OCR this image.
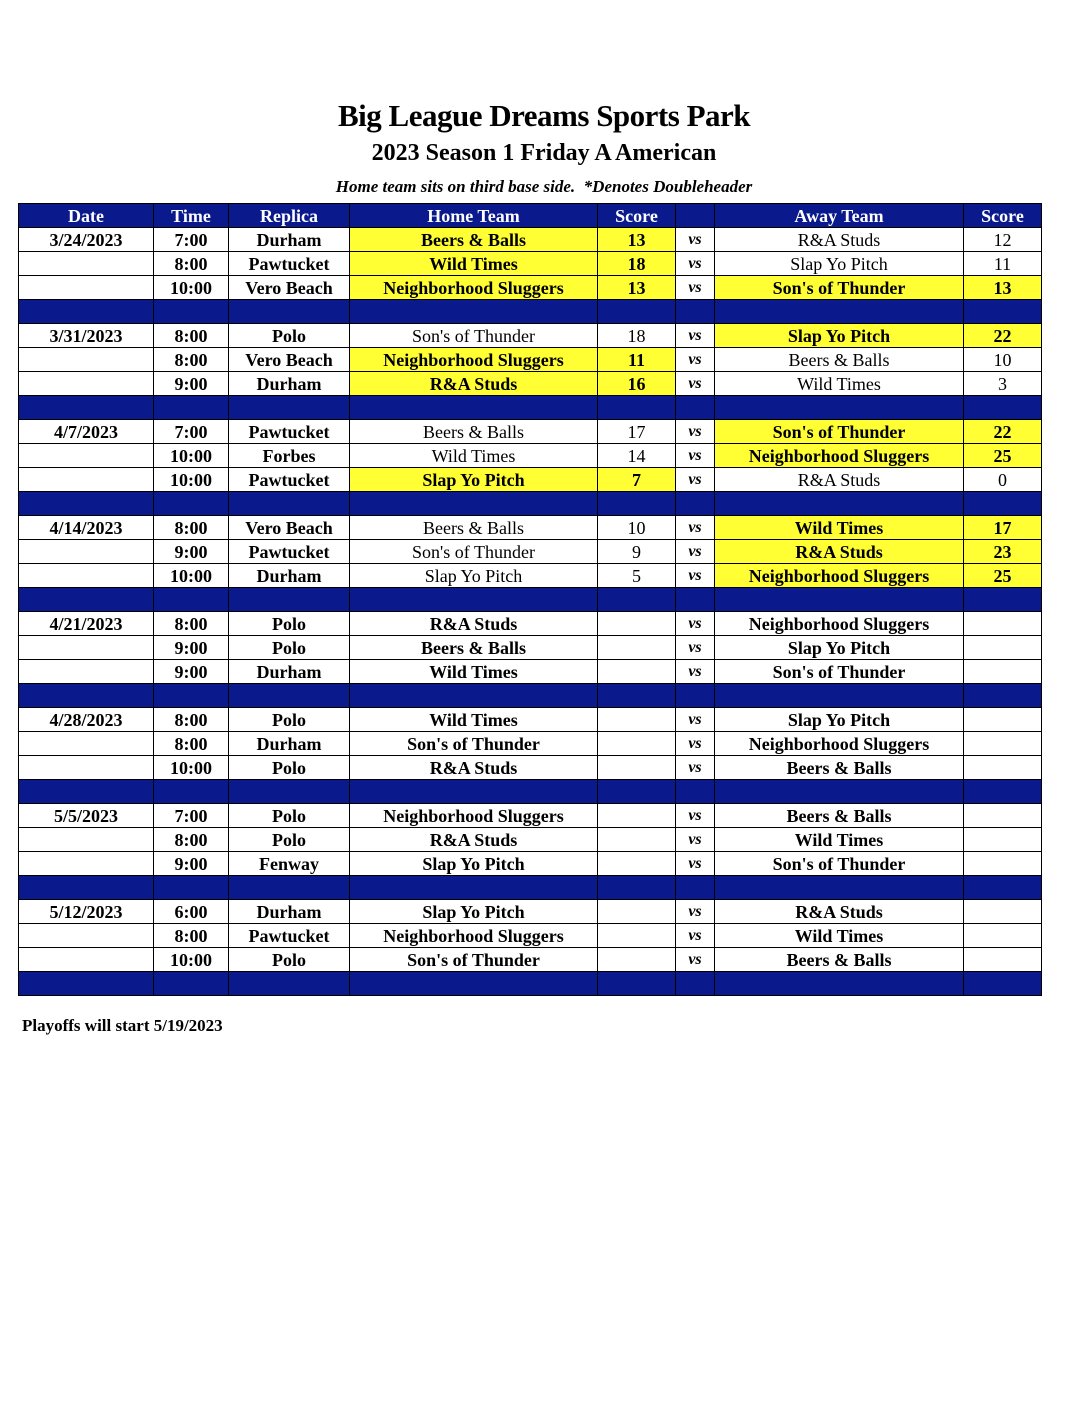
Big League Dreams Sports Park
2023 Season 1 Friday A American
Home team sits on third base side.  *Denotes Doubleheader
Date	Time	Replica	Home Team	Score		Away Team	Score
3/24/2023	7:00	Durham	Beers & Balls	13	vs	R&A Studs	12
	8:00	Pawtucket	Wild Times	18	vs	Slap Yo Pitch	11
	10:00	Vero Beach	Neighborhood Sluggers	13	vs	Son's of Thunder	13

3/31/2023	8:00	Polo	Son's of Thunder	18	vs	Slap Yo Pitch	22
	8:00	Vero Beach	Neighborhood Sluggers	11	vs	Beers & Balls	10
	9:00	Durham	R&A Studs	16	vs	Wild Times	3

4/7/2023	7:00	Pawtucket	Beers & Balls	17	vs	Son's of Thunder	22
	10:00	Forbes	Wild Times	14	vs	Neighborhood Sluggers	25
	10:00	Pawtucket	Slap Yo Pitch	7	vs	R&A Studs	0

4/14/2023	8:00	Vero Beach	Beers & Balls	10	vs	Wild Times	17
	9:00	Pawtucket	Son's of Thunder	9	vs	R&A Studs	23
	10:00	Durham	Slap Yo Pitch	5	vs	Neighborhood Sluggers	25

4/21/2023	8:00	Polo	R&A Studs		vs	Neighborhood Sluggers	
	9:00	Polo	Beers & Balls		vs	Slap Yo Pitch	
	9:00	Durham	Wild Times		vs	Son's of Thunder	

4/28/2023	8:00	Polo	Wild Times		vs	Slap Yo Pitch	
	8:00	Durham	Son's of Thunder		vs	Neighborhood Sluggers	
	10:00	Polo	R&A Studs		vs	Beers & Balls	

5/5/2023	7:00	Polo	Neighborhood Sluggers		vs	Beers & Balls	
	8:00	Polo	R&A Studs		vs	Wild Times	
	9:00	Fenway	Slap Yo Pitch		vs	Son's of Thunder	

5/12/2023	6:00	Durham	Slap Yo Pitch		vs	R&A Studs	
	8:00	Pawtucket	Neighborhood Sluggers		vs	Wild Times	
	10:00	Polo	Son's of Thunder		vs	Beers & Balls	

Playoffs will start 5/19/2023
